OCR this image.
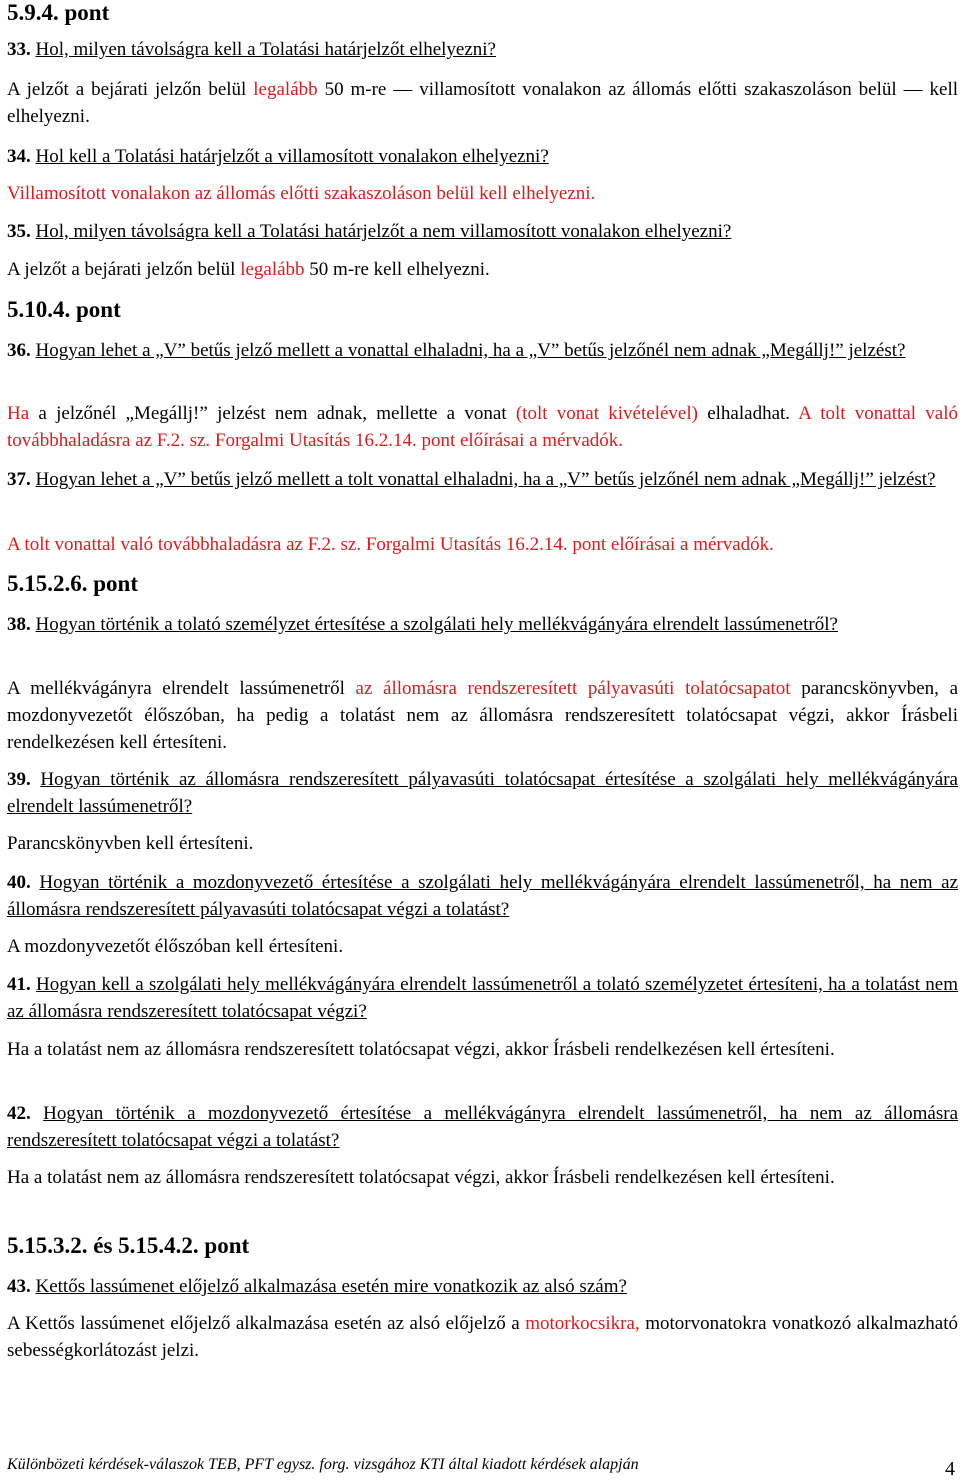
5.9.4. pont
33. Hol, milyen távolságra kell a Tolatási határjelzőt elhelyezni?
A jelzőt a bejárati jelzőn belül legalább 50 m-re — villamosított vonalakon az állomás előtti szakaszoláson belül — kell elhelyezni.
34. Hol kell a Tolatási határjelzőt a villamosított vonalakon elhelyezni?
Villamosított vonalakon az állomás előtti szakaszoláson belül kell elhelyezni.
35. Hol, milyen távolságra kell a Tolatási határjelzőt a nem villamosított vonalakon elhelyezni?
A jelzőt a bejárati jelzőn belül legalább 50 m-re kell elhelyezni.
5.10.4. pont
36. Hogyan lehet a „V” betűs jelző mellett a vonattal elhaladni, ha a „V” betűs jelzőnél nem adnak „Megállj!” jelzést?
Ha a jelzőnél „Megállj!” jelzést nem adnak, mellette a vonat (tolt vonat kivételével) elhaladhat. A tolt vonattal való továbbhaladásra az F.2. sz. Forgalmi Utasítás 16.2.14. pont előírásai a mérvadók.
37. Hogyan lehet a „V” betűs jelző mellett a tolt vonattal elhaladni, ha a „V” betűs jelzőnél nem adnak „Megállj!” jelzést?
A tolt vonattal való továbbhaladásra az F.2. sz. Forgalmi Utasítás 16.2.14. pont előírásai a mérvadók.
5.15.2.6. pont
38. Hogyan történik a tolató személyzet értesítése a szolgálati hely mellékvágányára elrendelt lassúmenetről?
A mellékvágányra elrendelt lassúmenetről az állomásra rendszeresített pályavasúti tolatócsapatot parancskönyvben, a mozdonyvezetőt élőszóban, ha pedig a tolatást nem az állomásra rendszeresített tolatócsapat végzi, akkor Írásbeli rendelkezésen kell értesíteni.
39. Hogyan történik az állomásra rendszeresített pályavasúti tolatócsapat értesítése a szolgálati hely mellékvágányára elrendelt lassúmenetről?
Parancskönyvben kell értesíteni.
40. Hogyan történik a mozdonyvezető értesítése a szolgálati hely mellékvágányára elrendelt lassúmenetről, ha nem az állomásra rendszeresített pályavasúti tolatócsapat végzi a tolatást?
A mozdonyvezetőt élőszóban kell értesíteni.
41. Hogyan kell a szolgálati hely mellékvágányára elrendelt lassúmenetről a tolató személyzetet értesíteni, ha a tolatást nem az állomásra rendszeresített tolatócsapat végzi?
Ha a tolatást nem az állomásra rendszeresített tolatócsapat végzi, akkor Írásbeli rendelkezésen kell értesíteni.
42. Hogyan történik a mozdonyvezető értesítése a mellékvágányra elrendelt lassúmenetről, ha nem az állomásra rendszeresített tolatócsapat végzi a tolatást?
Ha a tolatást nem az állomásra rendszeresített tolatócsapat végzi, akkor Írásbeli rendelkezésen kell értesíteni.
5.15.3.2. és 5.15.4.2. pont
43. Kettős lassúmenet előjelző alkalmazása esetén mire vonatkozik az alsó szám?
A Kettős lassúmenet előjelző alkalmazása esetén az alsó előjelző a motorkocsikra, motorvonatokra vonatkozó alkalmazható sebességkorlátozást jelzi.
Különbözeti kérdések-válaszok TEB, PFT egysz. forg. vizsgához KTI által kiadott kérdések alapján	4
